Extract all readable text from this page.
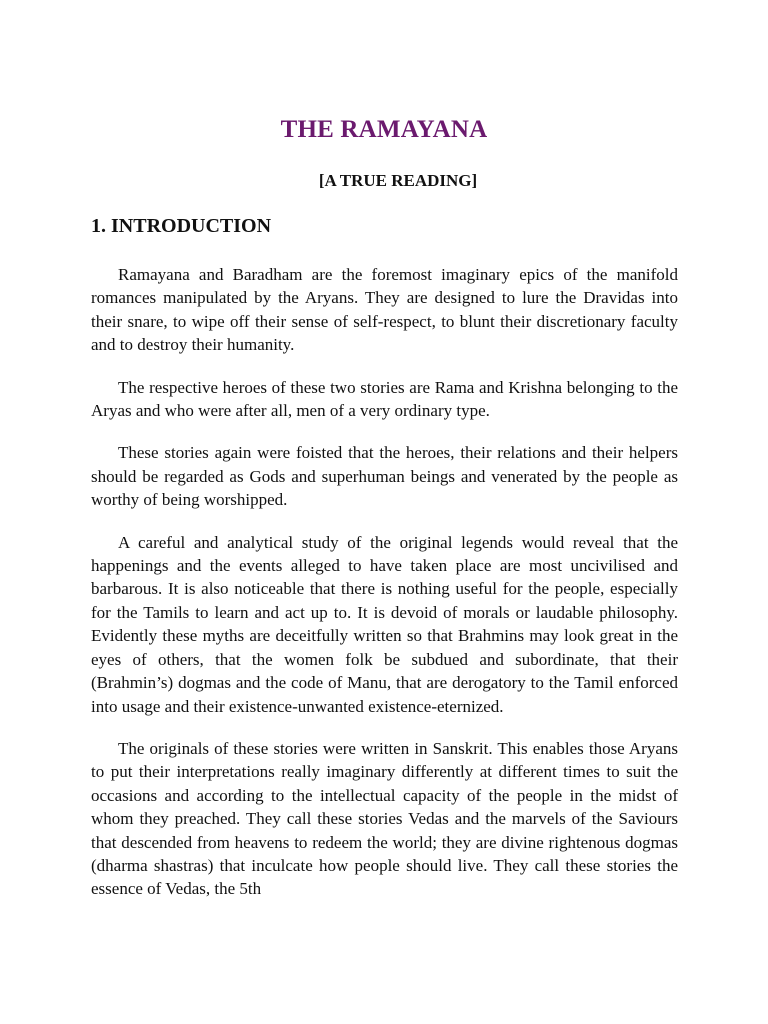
THE RAMAYANA
[A TRUE READING]
1. INTRODUCTION

Ramayana and Baradham are the foremost imaginary epics of the manifold romances manipulated by the Aryans. They are designed to lure the Dravidas into their snare, to wipe off their sense of self-respect, to blunt their discretionary faculty and to destroy their humanity.

The respective heroes of these two stories are Rama and Krishna belonging to the Aryas and who were after all, men of a very ordinary type.

These stories again were foisted that the heroes, their relations and their helpers should be regarded as Gods and superhuman beings and venerated by the people as worthy of being worshipped.

A careful and analytical study of the original legends would reveal that the happenings and the events alleged to have taken place are most uncivilised and barbarous. It is also noticeable that there is nothing useful for the people, especially for the Tamils to learn and act up to. It is devoid of morals or laudable philosophy. Evidently these myths are deceitfully written so that Brahmins may look great in the eyes of others, that the women folk be subdued and subordinate, that their (Brahmin’s) dogmas and the code of Manu, that are derogatory to the Tamil enforced into usage and their existence-unwanted existence-eternized.

The originals of these stories were written in Sanskrit. This enables those Aryans to put their interpretations really imaginary differently at different times to suit the occasions and according to the intellectual capacity of the people in the midst of whom they preached. They call these stories Vedas and the marvels of the Saviours that descended from heavens to redeem the world; they are divine rightenous dogmas (dharma shastras) that inculcate how people should live. They call these stories the essence of Vedas, the 5th
